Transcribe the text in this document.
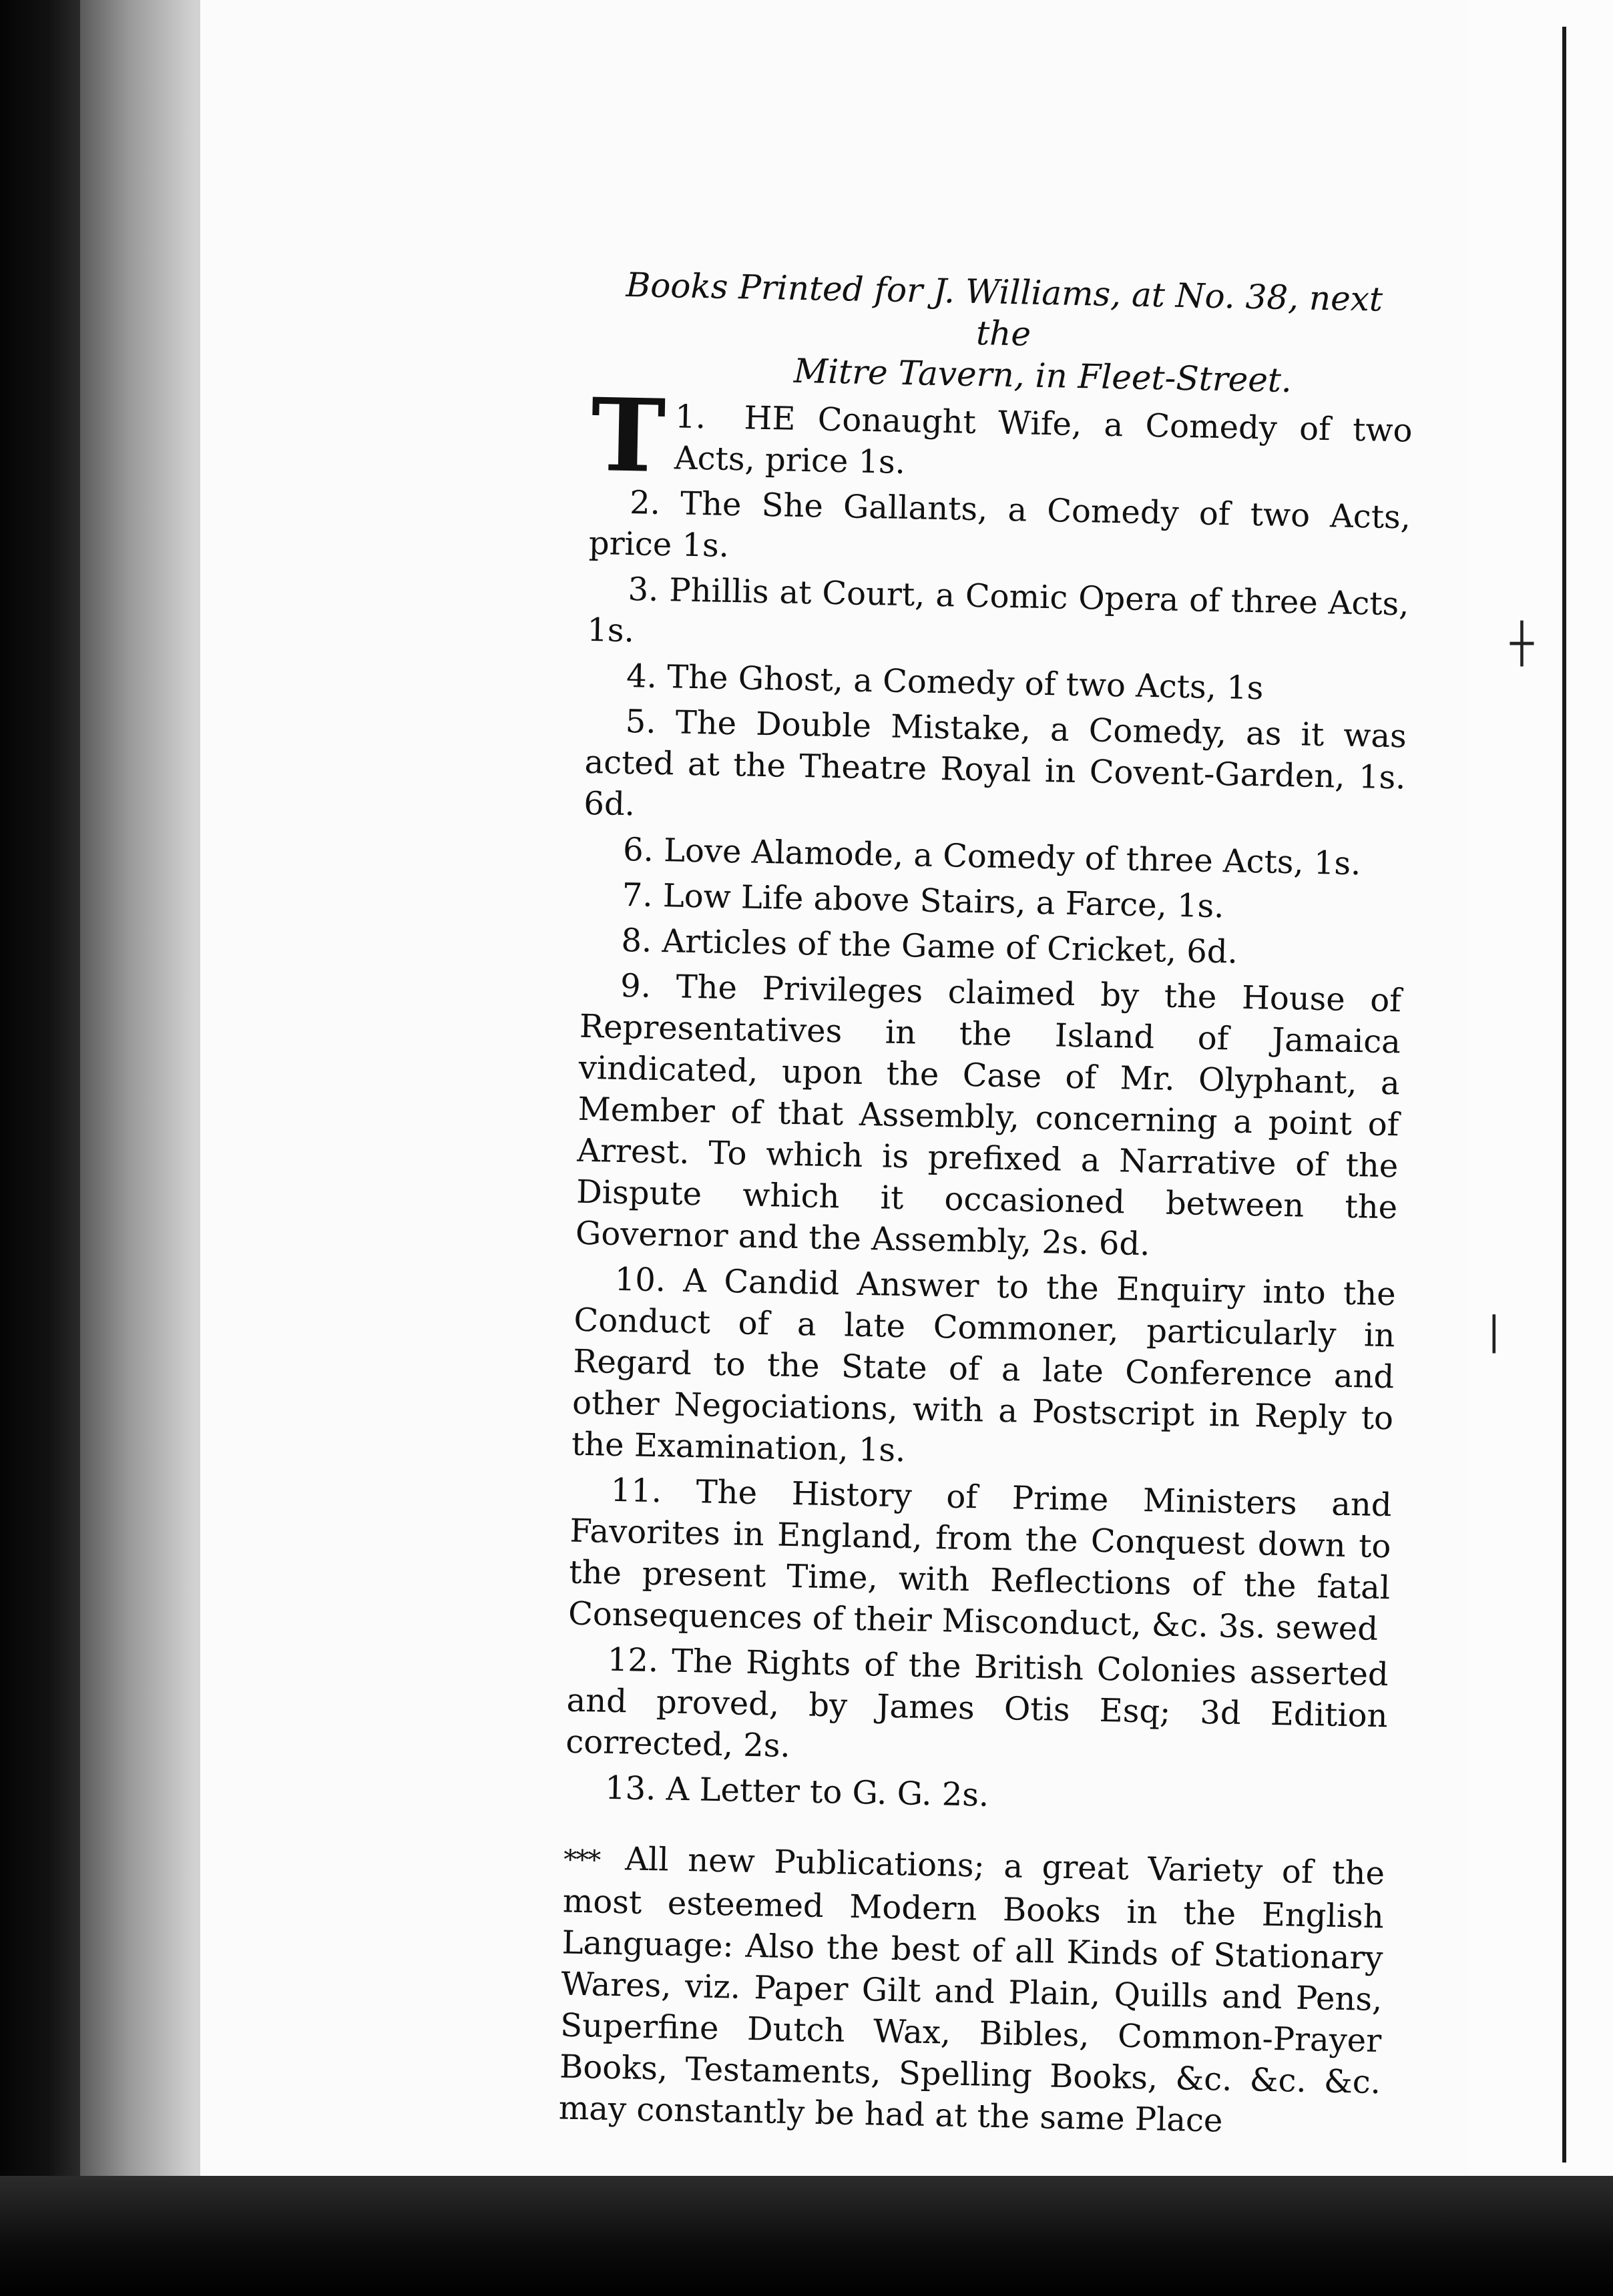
┼
|
Books Printed for J. Williams, at No. 38, next the
Mitre Tavern, in Fleet-Street.

1.
T HE Conaught Wife, a Comedy of two Acts, price 1s.

2. The She Gallants, a Comedy of two Acts, price 1s.

3. Phillis at Court, a Comic Opera of three Acts, 1s.

4. The Ghost, a Comedy of two Acts, 1s

5. The Double Mistake, a Comedy, as it was acted at the Theatre Royal in Covent-Garden, 1s. 6d.

6. Love Alamode, a Comedy of three Acts, 1s.

7. Low Life above Stairs, a Farce, 1s.

8. Articles of the Game of Cricket, 6d.

9. The Privileges claimed by the House of Representatives in the Island of Jamaica vindicated, upon the Case of Mr. Olyphant, a Member of that Assembly, concerning a point of Arrest. To which is prefixed a Narrative of the Dispute which it occasioned between the Governor and the Assembly, 2s. 6d.

10. A Candid Answer to the Enquiry into the Conduct of a late Commoner, particularly in Regard to the State of a late Conference and other Negociations, with a Postscript in Reply to the Examination, 1s.

11. The History of Prime Ministers and Favorites in England, from the Conquest down to the present Time, with Reflections of the fatal Consequences of their Misconduct, &c. 3s. sewed

12. The Rights of the British Colonies asserted and proved, by James Otis Esq; 3d Edition corrected, 2s.

13. A Letter to G. G. 2s.

*** All new Publications; a great Variety of the most esteemed Modern Books in the English Language: Also the best of all Kinds of Stationary Wares, viz. Paper Gilt and Plain, Quills and Pens, Superfine Dutch Wax, Bibles, Common-Prayer Books, Testaments, Spelling Books, &c. &c. &c. may constantly be had at the same Place
